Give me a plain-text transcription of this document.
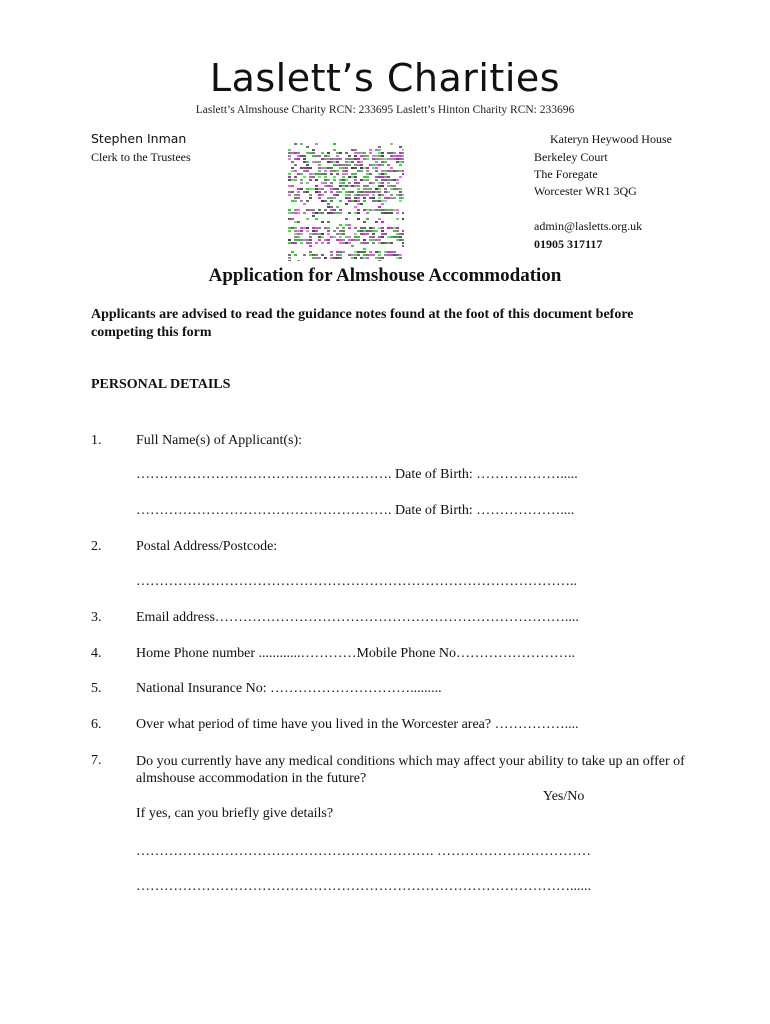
Laslett’s Charities
Laslett’s Almshouse Charity RCN: 233695 Laslett’s Hinton Charity RCN: 233696
Stephen Inman
Clerk to the Trustees
Kateryn Heywood House
Berkeley Court
The Foregate
Worcester WR1 3QG
admin@lasletts.org.uk
01905 317117
Application for Almshouse Accommodation
Applicants are advised to read the guidance notes found at the foot of this document before competing this form
PERSONAL DETAILS
1. Full Name(s) of Applicant(s):
………………………………………………. Date of Birth: ……………….....
………………………………………………. Date of Birth: ………………....
2. Postal Address/Postcode:
…………………………………………………………………………………..
3. Email address…………………………………………………………………....
4. Home Phone number ............…………Mobile Phone No……………………..
5. National Insurance No: ………………………….........
6. Over what period of time have you lived in the Worcester area? ……………....
7. Do you currently have any medical conditions which may affect your ability to take up an offer of almshouse accommodation in the future?
Yes/No
If yes, can you briefly give details?
………………………………………………………. ……………………………
…………………………………………………………………………………......
